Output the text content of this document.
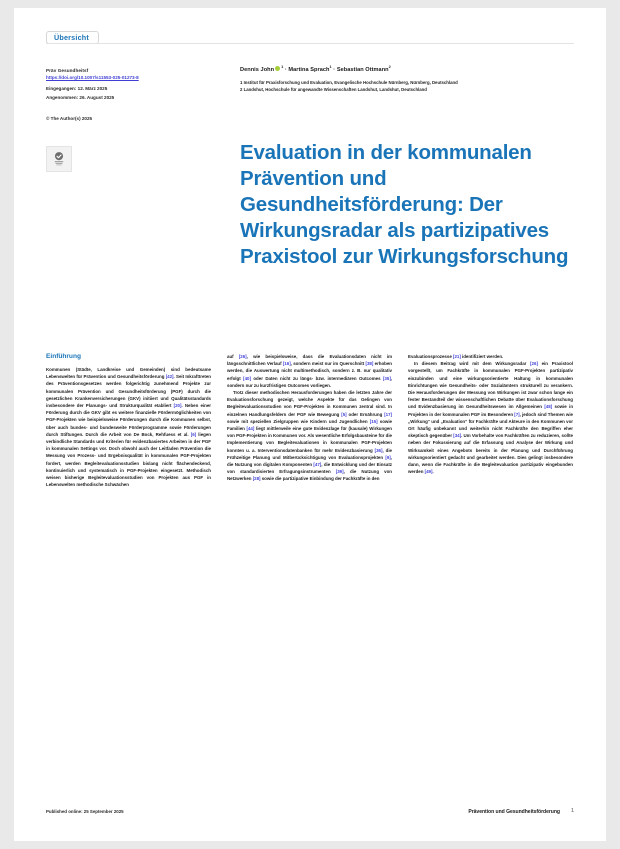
Übersicht
Präv Gesundheitsf
https://doi.org/10.1007/s11553-025-01273-8
Eingegangen: 12. März 2025
Angenommen: 26. August 2025
© The Author(s) 2025
Dennis John $^1$ · Martina Sprach$^1$ · Sebastian Ottmann$^2$
1 Institut für Praxisforschung und Evaluation, Evangelische Hochschule Nürnberg, Nürnberg, Deutschland
2 Landshut, Hochschule für angewandte Wissenschaften Landshut, Landshut, Deutschland
Evaluation in der kommunalen Prävention und Gesundheitsförderung: Der Wirkungsradar als partizipatives Praxistool zur Wirkungsforschung
Einführung

Kommunen (Städte, Landkreise und Gemeinden) sind bedeutsame Lebenswelten für Prävention und Gesundheitsförderung [42]. Seit Inkrafttreten des Präventionsgesetzes werden folgerichtig zunehmend Projekte zur kommunalen Prävention und Gesundheitsförderung (PGF) durch die gesetzlichen Krankenversicherungen (GKV) initiiert und Qualitätsstandards insbesondere der Planungs- und Strukturqualität etabliert [20]. Neben einer Förderung durch die GKV gibt es weitere finanzielle Fördermöglichkeiten von PGF-Projekten wie beispielsweise Förderungen durch die Kommunen selbst, über auch bundes- und bundesweite Förderprogramme sowie Förderungen durch Stiftungen. Durch die Arbeit von De Bock, Rehfuess et al. [6] liegen verbindliche Standards und Kriterien für evidenzbasiertes Arbeiten in der PGF in kommunalen Settings vor. Doch obwohl auch der Leitfaden Prävention die Messung von Prozess- und Ergebnisqualität in kommunalen PGF-Projekten fordert, werden Begleitevaluationsstudien bislang nicht flächendeckend, kontinuierlich und systematisch in PGF-Projekten eingesetzt. Methodisch weisen bisherige Begleitevaluationsstudien von Projekten aus PGF in Lebenswelten methodische Schwächen

auf [26], wie beispielsweise, dass die Evaluationsdaten nicht im längsschnittlichen Verlauf [16], sondern meist nur im Querschnitt [38] erhoben werden, die Auswertung nicht multimethodisch, sondern z. B. nur qualitativ erfolgt [40] oder Daten nicht zu längs- bzw. intermediären Outcomes [35], sondern nur zu kurzfristigen Outcomes vorliegen.

Trotz dieser methodischen Herausforderungen haben die letzten Jahre der Evaluationsforschung gezeigt, welche Aspekte für das Gelingen von Begleitevaluationsstudien von PGF-Projekten in Kommunen zentral sind. In einzelnen Handlungsfeldern der PGF wie Bewegung [5] oder Ernährung [17] sowie mit speziellen Zielgruppen wie Kindern und Jugendlichen [15] sowie Familien [44] liegt mittlerweile eine gute Evidenzlage für (kausale) Wirkungen von PGF-Projekten in Kommunen vor. Als wesentliche Erfolgsbausteine für die Implementierung von Begleitevaluationen in kommunalen PGF-Projekten konnten u. a. Interventionsdatenbanken für mehr Evidenzbasierung [36], die Frühzeitige Planung und Mitberücksichtigung von Evaluationsprojekten [9], die Nutzung von digitalen Komponenten [47], die Entwicklung und der Einsatz von standardisierten Erfragungsinstrumenten [39], die Nutzung von Netzwerken [28] sowie die partizipative Einbindung der Fachkräfte in den

Evaluationsprozesse [21] identifiziert werden.

In diesem Beitrag wird mit dem Wirkungsradar [26] ein Praxistool vorgestellt, um Fachkräfte in kommunalen PGF-Projekten partizipativ einzubinden und eine wirkungsorientierte Haltung in kommunalen Einrichtungen wie Gesundheits- oder Sozialämtern strukturell zu verankern. Die Herausforderungen der Messung von Wirkungen ist zwar schon lange ein fester Bestandteil der wissenschaftlichen Debatte über Evaluationsforschung und Evidenzbasierung im Gesundheitswesen im Allgemeinen [48] sowie in Projekten in der kommunalen PGF im Besonderen [7], jedoch sind Themen wie „Wirkung“ und „Evaluation“ für Fachkräfte und Akteure in den Kommunen vor Ort häufig unbekannt und weiterhin nicht Fachkräfte den Begriffen eher skeptisch gegenüber [34]. Um Vorbehalte von Fachkräften zu reduzieren, sollte neben der Fokussierung auf die Erfassung und Analyse der Wirkung und Wirksamkeit eines Angebots bereits in der Planung und Durchführung wirkungsorientiert gedacht und gearbeitet werden. Dies gelingt insbesondere dann, wenn die Fachkräfte in die Begleitevaluation partizipativ eingebunden werden [49].

Published online: 25 September 2025	Prävention und Gesundheitsförderung 1
